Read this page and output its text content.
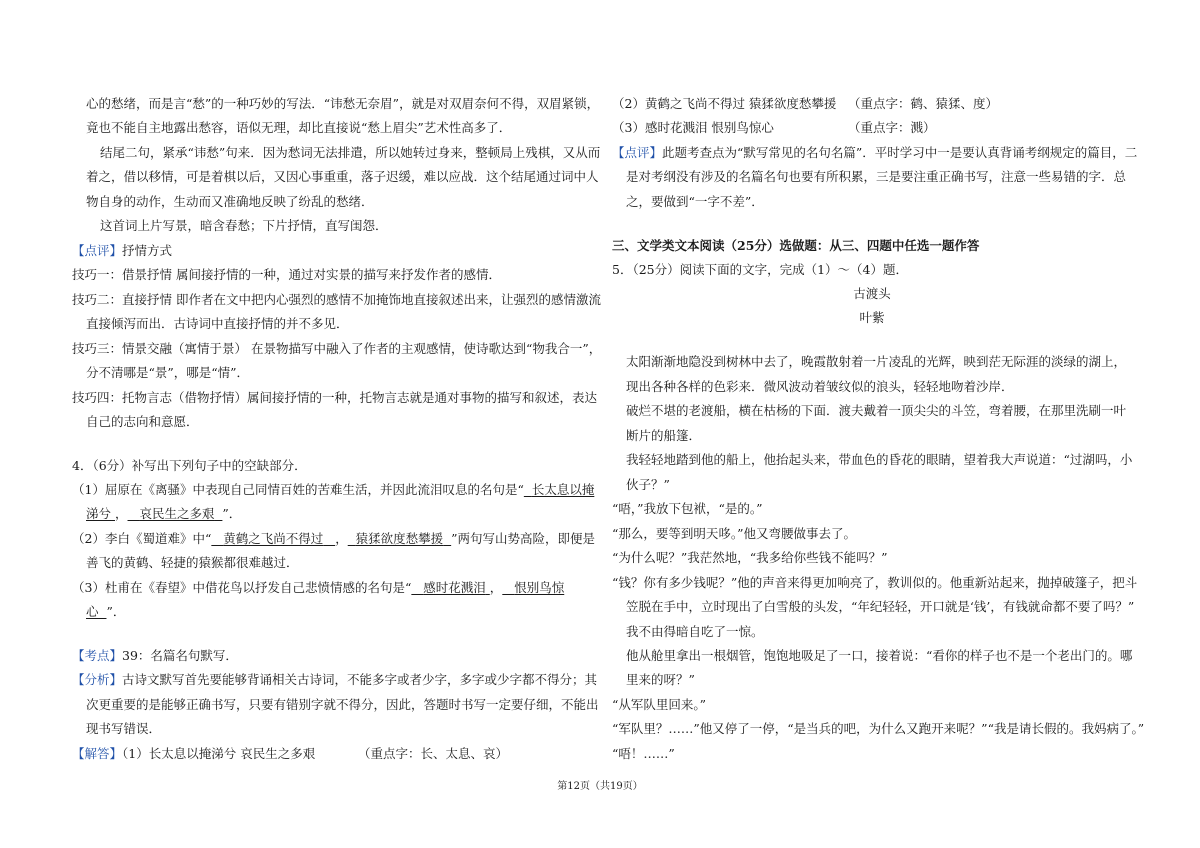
心的愁绪，而是言“愁”的一种巧妙的写法．“讳愁无奈眉”，就是对双眉奈何不得，双眉紧锁，
竟也不能自主地露出愁容，语似无理，却比直接说“愁上眉尖”艺术性高多了．
结尾二句，紧承“讳愁”句来．因为愁词无法排遣，所以她转过身来，整顿局上残棋，又从而
着之，借以移情，可是着棋以后，又因心事重重，落子迟缓，难以应战．这个结尾通过词中人
物自身的动作，生动而又准确地反映了纷乱的愁绪．
这首词上片写景，暗含春愁；下片抒情，直写闺怨．
【点评】抒情方式
技巧一：借景抒情 属间接抒情的一种，通过对实景的描写来抒发作者的感情．
技巧二：直接抒情 即作者在文中把内心强烈的感情不加掩饰地直接叙述出来，让强烈的感情激流
直接倾泻而出．古诗词中直接抒情的并不多见．
技巧三：情景交融（寓情于景） 在景物描写中融入了作者的主观感情，使诗歌达到“物我合一”，
分不清哪是“景”，哪是“情”．
技巧四：托物言志（借物抒情）属间接抒情的一种，托物言志就是通对事物的描写和叙述，表达
自己的志向和意愿．
4．（6分）补写出下列句子中的空缺部分．
（1）屈原在《离骚》中表现自己同情百姓的苦难生活，并因此流泪叹息的名句是“ 长太息以掩
涕兮 ， 哀民生之多艰 ”．
（2）李白《蜀道难》中“ 黄鹤之飞尚不得过 ， 猿猱欲度愁攀援 ”两句写山势高险，即便是
善飞的黄鹤、轻捷的猿猴都很难越过．
（3）杜甫在《春望》中借花鸟以抒发自己悲愤情感的名句是“ 感时花溅泪 ， 恨别鸟惊
心 ”．
【考点】39：名篇名句默写．
【分析】古诗文默写首先要能够背诵相关古诗词，不能多字或者少字，多字或少字都不得分；其
次更重要的是能够正确书写，只要有错别字就不得分，因此，答题时书写一定要仔细，不能出
现书写错误．
【解答】（1）长太息以掩涕兮 哀民生之多艰	（重点字：长、太息、哀）
（2）黄鹤之飞尚不得过 猿猱欲度愁攀援 （重点字：鹤、猿猱、度）
（3）感时花溅泪 恨别鸟惊心	（重点字：溅）
【点评】此题考查点为“默写常见的名句名篇”．平时学习中一是要认真背诵考纲规定的篇目，二
是对考纲没有涉及的名篇名句也要有所积累，三是要注重正确书写，注意一些易错的字．总
之，要做到“一字不差”．
三、文学类文本阅读（25分）选做题：从三、四题中任选一题作答
5．（25分）阅读下面的文字，完成（1）～（4）题．
古渡头
叶紫
太阳渐渐地隐没到树林中去了，晚霞散射着一片凌乱的光辉，映到茫无际涯的淡绿的湖上，
现出各种各样的色彩来．微风波动着皱纹似的浪头，轻轻地吻着沙岸．
破烂不堪的老渡船，横在枯杨的下面．渡夫戴着一顶尖尖的斗笠，弯着腰，在那里洗刷一叶
断片的船篷．
我轻轻地踏到他的船上，他抬起头来，带血色的昏花的眼睛，望着我大声说道：“过湖吗，小
伙子？”
“唔，”我放下包袱，“是的。”
“那么，要等到明天哆。”他又弯腰做事去了。
“为什么呢？”我茫然地，“我多给你些钱不能吗？”
“钱？你有多少钱呢？”他的声音来得更加响亮了，教训似的。他重新站起来，抛掉破篷子，把斗
笠脱在手中，立时现出了白雪般的头发，“年纪轻轻，开口就是‘钱’，有钱就命都不要了吗？”
我不由得暗自吃了一惊。
他从舱里拿出一根烟管，饱饱地吸足了一口，接着说：“看你的样子也不是一个老出门的。哪
里来的呀？”
“从军队里回来。”
“军队里？……”他又停了一停，“是当兵的吧，为什么又跑开来呢？”“我是请长假的。我妈病了。”
“唔！……”
第12页（共19页）
